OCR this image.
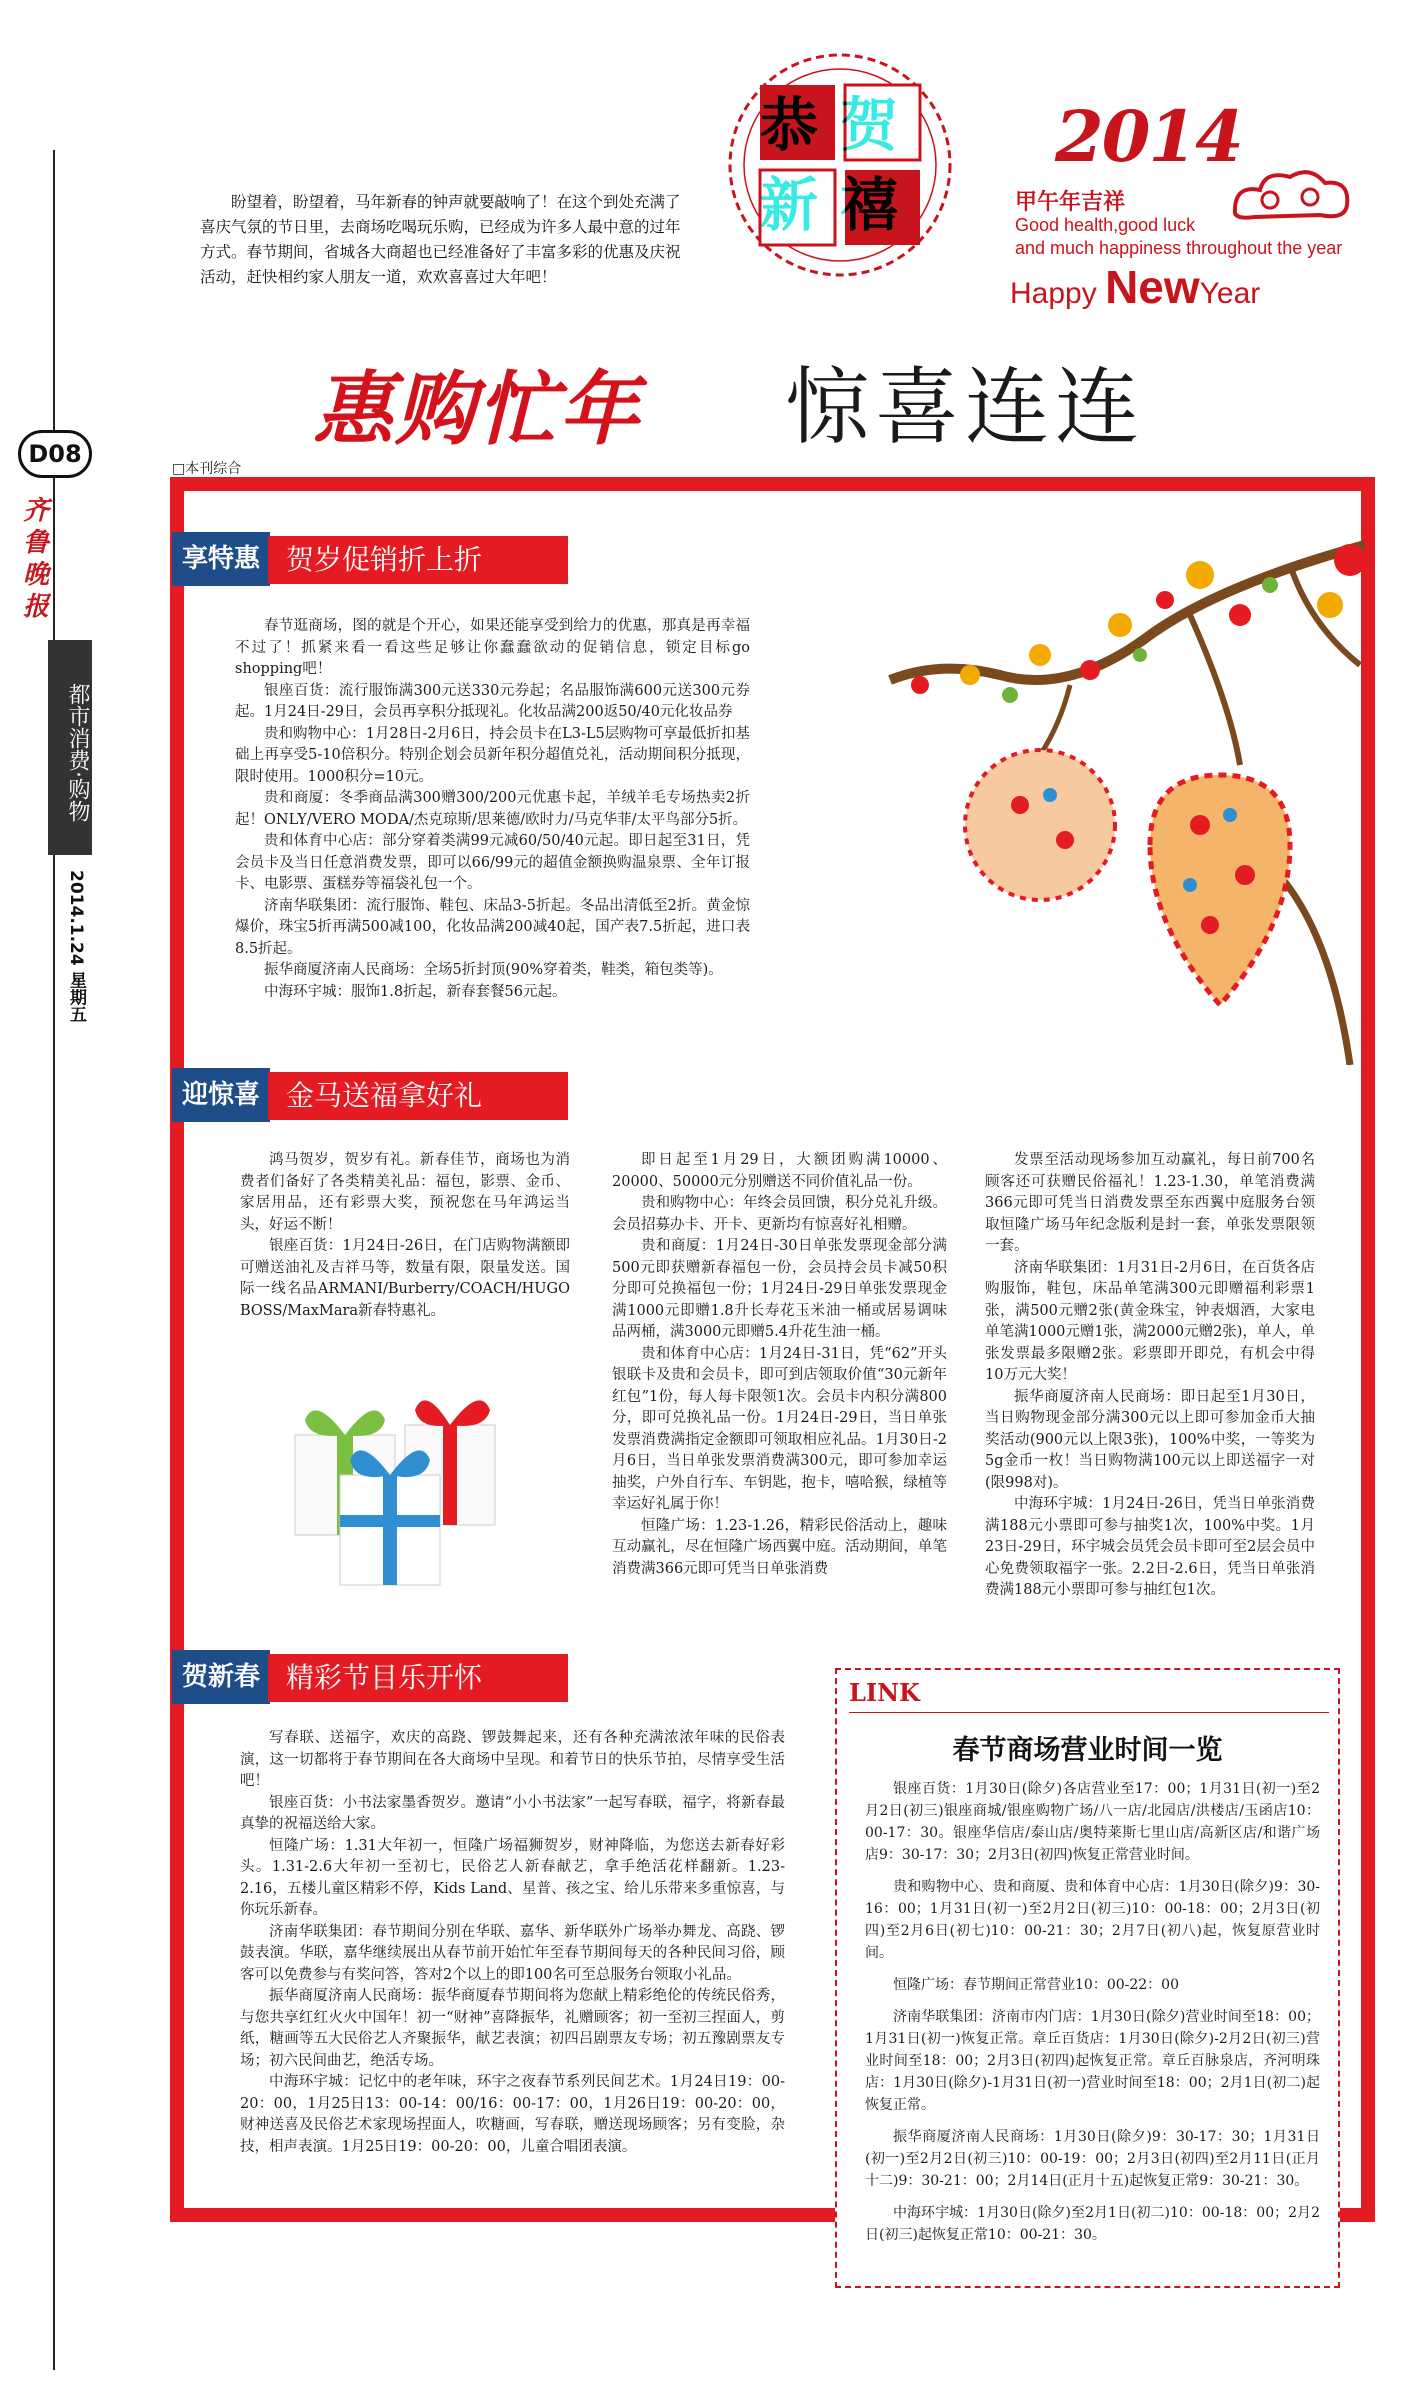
D08
齐鲁晚报
都市消费·购物
2014.1.24 星期五

盼望着，盼望着，马年新春的钟声就要敲响了！在这个到处充满了喜庆气氛的节日里，去商场吃喝玩乐购，已经成为许多人最中意的过年方式。春节期间，省城各大商超也已经准备好了丰富多彩的优惠及庆祝活动，赶快相约家人朋友一道，欢欢喜喜过大年吧！

恭贺新禧
2014
甲午年吉祥
Good health,good luck
and much happiness throughout the year
Happy NewYear
惠购忙年 惊喜连连
□本刊综合
享特惠 贺岁促销折上折

春节逛商场，图的就是个开心，如果还能享受到给力的优惠，那真是再幸福不过了！抓紧来看一看这些足够让你蠢蠢欲动的促销信息，锁定目标go shopping吧！

银座百货：流行服饰满300元送330元券起；名品服饰满600元送300元券起。1月24日-29日，会员再享积分抵现礼。化妆品满200返50/40元化妆品券

贵和购物中心：1月28日-2月6日，持会员卡在L3-L5层购物可享最低折扣基础上再享受5-10倍积分。特别企划会员新年积分超值兑礼，活动期间积分抵现，限时使用。1000积分=10元。

贵和商厦：冬季商品满300赠300/200元优惠卡起，羊绒羊毛专场热卖2折起！ONLY/VERO MODA/杰克琼斯/思莱德/欧时力/马克华菲/太平鸟部分5折。

贵和体育中心店：部分穿着类满99元减60/50/40元起。即日起至31日，凭会员卡及当日任意消费发票，即可以66/99元的超值金额换购温泉票、全年订报卡、电影票、蛋糕券等福袋礼包一个。

济南华联集团：流行服饰、鞋包、床品3-5折起。冬品出清低至2折。黄金惊爆价，珠宝5折再满500减100，化妆品满200减40起，国产表7.5折起，进口表8.5折起。

振华商厦济南人民商场：全场5折封顶(90%穿着类，鞋类，箱包类等)。

中海环宇城：服饰1.8折起，新春套餐56元起。

迎惊喜 金马送福拿好礼

鸿马贺岁，贺岁有礼。新春佳节，商场也为消费者们备好了各类精美礼品：福包，影票、金币、家居用品，还有彩票大奖，预祝您在马年鸿运当头，好运不断！

银座百货：1月24日-26日，在门店购物满额即可赠送油礼及吉祥马等，数量有限，限量发送。国际一线名品ARMANI/Burberry/COACH/HUGO BOSS/MaxMara新春特惠礼。

即日起至1月29日，大额团购满10000、20000、50000元分别赠送不同价值礼品一份。

贵和购物中心：年终会员回馈，积分兑礼升级。会员招募办卡、开卡、更新均有惊喜好礼相赠。

贵和商厦：1月24日-30日单张发票现金部分满500元即获赠新春福包一份，会员持会员卡减50积分即可兑换福包一份；1月24日-29日单张发票现金满1000元即赠1.8升长寿花玉米油一桶或居易调味品两桶，满3000元即赠5.4升花生油一桶。

贵和体育中心店：1月24日-31日，凭“62”开头银联卡及贵和会员卡，即可到店领取价值“30元新年红包”1份，每人每卡限领1次。会员卡内积分满800分，即可兑换礼品一份。1月24日-29日，当日单张发票消费满指定金额即可领取相应礼品。1月30日-2月6日，当日单张发票消费满300元，即可参加幸运抽奖，户外自行车、车钥匙，抱卡，嘻哈猴，绿植等幸运好礼属于你！

恒隆广场：1.23-1.26，精彩民俗活动上，趣味互动赢礼，尽在恒隆广场西翼中庭。活动期间，单笔消费满366元即可凭当日单张消费

发票至活动现场参加互动赢礼，每日前700名顾客还可获赠民俗福礼！1.23-1.30，单笔消费满366元即可凭当日消费发票至东西翼中庭服务台领取恒隆广场马年纪念版利是封一套，单张发票限领一套。

济南华联集团：1月31日-2月6日，在百货各店购服饰，鞋包，床品单笔满300元即赠福利彩票1张，满500元赠2张(黄金珠宝，钟表烟酒，大家电单笔满1000元赠1张，满2000元赠2张)，单人，单张发票最多限赠2张。彩票即开即兑，有机会中得10万元大奖！

振华商厦济南人民商场：即日起至1月30日，当日购物现金部分满300元以上即可参加金币大抽奖活动(900元以上限3张)，100%中奖，一等奖为5g金币一枚！当日购物满100元以上即送福字一对(限998对)。

中海环宇城：1月24日-26日，凭当日单张消费满188元小票即可参与抽奖1次，100%中奖。1月23日-29日，环宇城会员凭会员卡即可至2层会员中心免费领取福字一张。2.2日-2.6日，凭当日单张消费满188元小票即可参与抽红包1次。

贺新春 精彩节目乐开怀

写春联、送福字，欢庆的高跷、锣鼓舞起来，还有各种充满浓浓年味的民俗表演，这一切都将于春节期间在各大商场中呈现。和着节日的快乐节拍，尽情享受生活吧！

银座百货：小书法家墨香贺岁。邀请“小小书法家”一起写春联，福字，将新春最真挚的祝福送给大家。

恒隆广场：1.31大年初一，恒隆广场福狮贺岁，财神降临，为您送去新春好彩头。1.31-2.6大年初一至初七，民俗艺人新春献艺，拿手绝活花样翻新。1.23-2.16，五楼儿童区精彩不停，Kids Land、星普、孩之宝、给儿乐带来多重惊喜，与你玩乐新春。

济南华联集团：春节期间分别在华联、嘉华、新华联外广场举办舞龙、高跷、锣鼓表演。华联，嘉华继续展出从春节前开始忙年至春节期间每天的各种民间习俗，顾客可以免费参与有奖问答，答对2个以上的即100名可至总服务台领取小礼品。

振华商厦济南人民商场：振华商厦春节期间将为您献上精彩绝伦的传统民俗秀，与您共享红红火火中国年！初一“财神”喜降振华，礼赠顾客；初一至初三捏面人，剪纸，糖画等五大民俗艺人齐聚振华，献艺表演；初四吕剧票友专场；初五豫剧票友专场；初六民间曲艺，绝活专场。

中海环宇城：记忆中的老年味，环宇之夜春节系列民间艺术。1月24日19：00-20：00，1月25日13：00-14：00/16：00-17：00，1月26日19：00-20：00，财神送喜及民俗艺术家现场捏面人，吹糖画，写春联，赠送现场顾客；另有变脸，杂技，相声表演。1月25日19：00-20：00，儿童合唱团表演。

LINK
春节商场营业时间一览

银座百货：1月30日(除夕)各店营业至17：00；1月31日(初一)至2月2日(初三)银座商城/银座购物广场/八一店/北园店/洪楼店/玉函店10：00-17：30。银座华信店/泰山店/奥特莱斯七里山店/高新区店/和谐广场店9：30-17：30；2月3日(初四)恢复正常营业时间。

贵和购物中心、贵和商厦、贵和体育中心店：1月30日(除夕)9：30-16：00；1月31日(初一)至2月2日(初三)10：00-18：00；2月3日(初四)至2月6日(初七)10：00-21：30；2月7日(初八)起，恢复原营业时间。

恒隆广场：春节期间正常营业10：00-22：00

济南华联集团：济南市内门店：1月30日(除夕)营业时间至18：00；1月31日(初一)恢复正常。章丘百货店：1月30日(除夕)-2月2日(初三)营业时间至18：00；2月3日(初四)起恢复正常。章丘百脉泉店，齐河明珠店：1月30日(除夕)-1月31日(初一)营业时间至18：00；2月1日(初二)起恢复正常。

振华商厦济南人民商场：1月30日(除夕)9：30-17：30；1月31日(初一)至2月2日(初三)10：00-19：00；2月3日(初四)至2月11日(正月十二)9：30-21：00；2月14日(正月十五)起恢复正常9：30-21：30。

中海环宇城：1月30日(除夕)至2月1日(初二)10：00-18：00；2月2日(初三)起恢复正常10：00-21：30。
